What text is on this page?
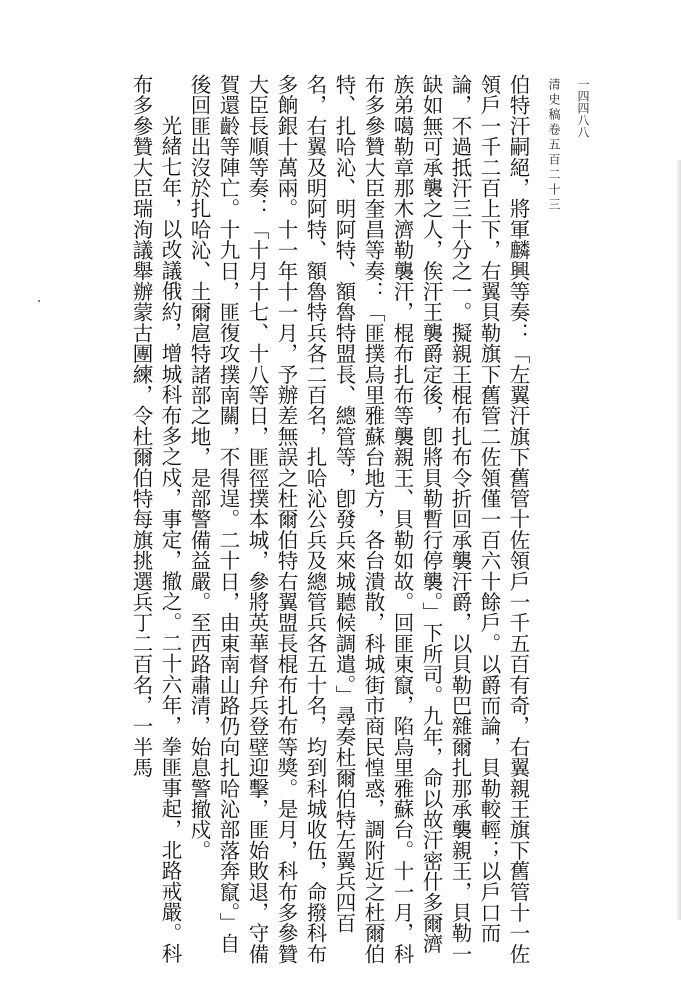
清史稿卷五百二十三 一四四八八

伯特汗嗣絕，將軍麟興等奏：「左翼汗旗下舊管十佐領戶一千五百有奇，右翼親王旗下舊管十一佐領戶一千二百上下，右翼貝勒旗下舊管二佐領僅一百六十餘戶。以爵而論，貝勒較輕；以戶口而論，不過抵汗三十分之一。擬親王棍布扎布令折回承襲汗爵，以貝勒巴雜爾扎那承襲親王，貝勒一缺如無可承襲之人，俟汗王襲爵定後，卽將貝勒暫行停襲。」下所司。九年，命以故汗密什多爾濟族弟噶勒章那木濟勒襲汗，棍布扎布等襲親王、貝勒如故。回匪東竄，陷烏里雅蘇台。十一月，科布多參贊大臣奎昌等奏：「匪撲烏里雅蘇台地方，各台潰散，科城街市商民惶惑，調附近之杜爾伯特、扎哈沁、明阿特、額魯特盟長、總管等，卽發兵來城聽候調遣。」尋奏杜爾伯特左翼兵四百名，右翼及明阿特、額魯特兵各二百名，扎哈沁公兵及總管兵各五十名，均到科城收伍，命撥科布多餉銀十萬兩。十一年十一月，予辦差無誤之杜爾伯特右翼盟長棍布扎布等獎。是月，科布多參贊大臣長順等奏：「十月十七、十八等日，匪徑撲本城，參將英華督弁兵登壁迎擊，匪始敗退，守備賀還齡等陣亡。十九日，匪復攻撲南關，不得逞。二十日，由東南山路仍向扎哈沁部落奔竄。」自後回匪出沒於扎哈沁、土爾扈特諸部之地，是部警備益嚴。至西路肅清，始息警撤戍。

光緒七年，以改議俄約，增城科布多之戍，事定，撤之。二十六年，拳匪事起，北路戒嚴。科布多參贊大臣瑞洵議舉辦蒙古團練，令杜爾伯特每旗挑選兵丁二百名，一半馬
